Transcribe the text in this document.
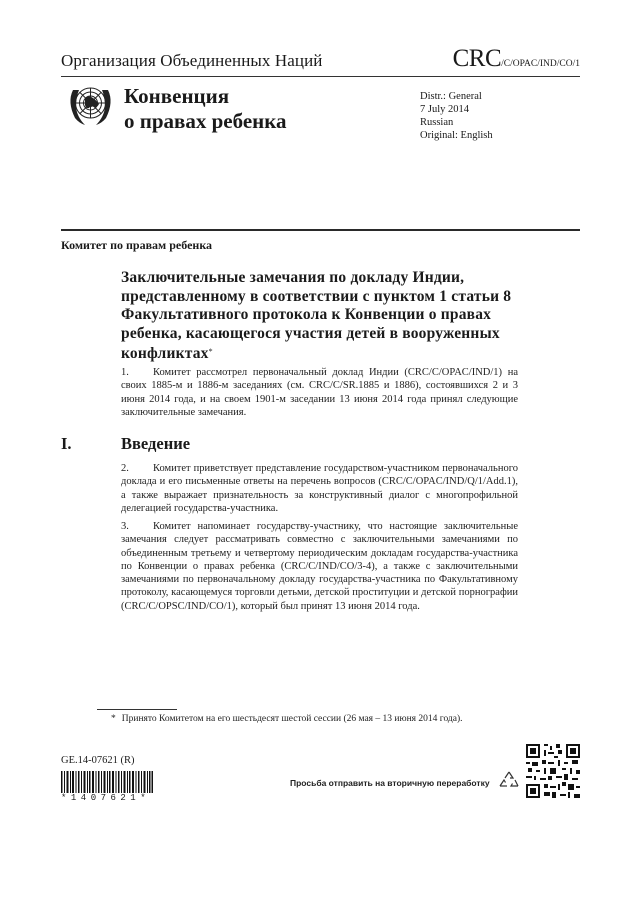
Организация Объединенных Наций	CRC/C/OPAC/IND/CO/1
Конвенция
о правах ребенка
Distr.: General
7 July 2014
Russian
Original: English
Комитет по правам ребенка
Заключительные замечания по докладу Индии, представленному в соответствии с пунктом 1 статьи 8 Факультативного протокола к Конвенции о правах ребенка, касающегося участия детей в вооруженных конфликтах*
1. Комитет рассмотрел первоначальный доклад Индии (CRC/C/OPAC/IND/1) на своих 1885-м и 1886-м заседаниях (см. CRC/C/SR.1885 и 1886), состоявшихся 2 и 3 июня 2014 года, и на своем 1901-м заседании 13 июня 2014 года принял следующие заключительные замечания.
I.	Введение
2. Комитет приветствует представление государством-участником первоначального доклада и его письменные ответы на перечень вопросов (CRC/C/OPAC/IND/Q/1/Add.1), а также выражает признательность за конструктивный диалог с многопрофильной делегацией государства-участника.
3. Комитет напоминает государству-участнику, что настоящие заключительные замечания следует рассматривать совместно с заключительными замечаниями по объединенным третьему и четвертому периодическим докладам государства-участника по Конвенции о правах ребенка (CRC/C/IND/CO/3-4), а также с заключительными замечаниями по первоначальному докладу государства-участника по Факультативному протоколу, касающемуся торговли детьми, детской проституции и детской порнографии (CRC/C/OPSC/IND/CO/1), который был принят 13 июня 2014 года.
* Принято Комитетом на его шестьдесят шестой сессии (26 мая – 13 июня 2014 года).
GE.14-07621 (R)
*1407621*
Просьба отправить на вторичную переработку
